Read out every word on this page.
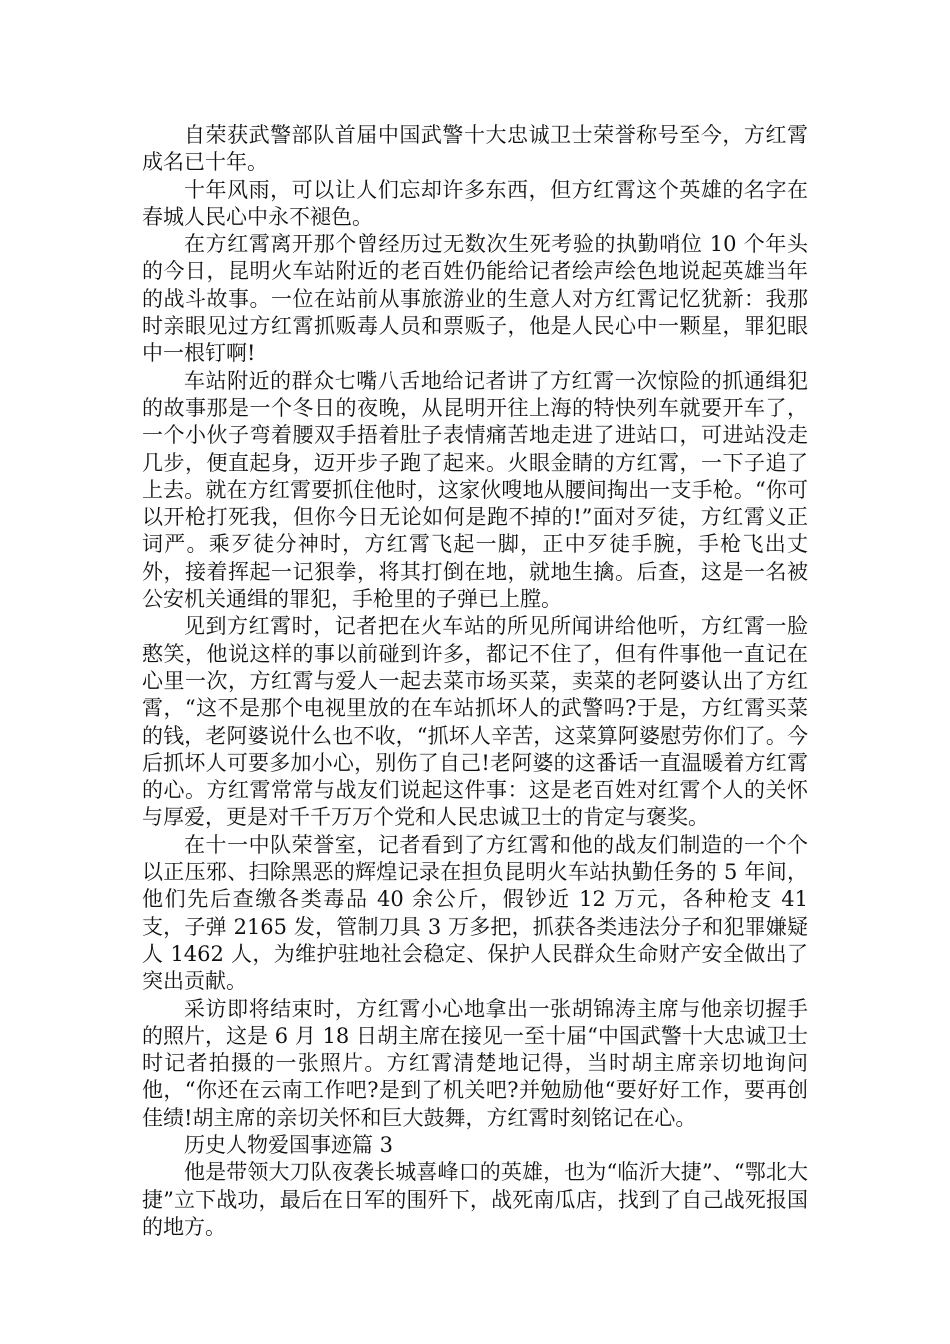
自荣获武警部队首届中国武警十大忠诚卫士荣誉称号至今，方红霄成名已十年。

十年风雨，可以让人们忘却许多东西，但方红霄这个英雄的名字在春城人民心中永不褪色。

在方红霄离开那个曾经历过无数次生死考验的执勤哨位 10 个年头的今日，昆明火车站附近的老百姓仍能给记者绘声绘色地说起英雄当年的战斗故事。一位在站前从事旅游业的生意人对方红霄记忆犹新：我那时亲眼见过方红霄抓贩毒人员和票贩子，他是人民心中一颗星，罪犯眼中一根钉啊!

车站附近的群众七嘴八舌地给记者讲了方红霄一次惊险的抓通缉犯的故事那是一个冬日的夜晚，从昆明开往上海的特快列车就要开车了，一个小伙子弯着腰双手捂着肚子表情痛苦地走进了进站口，可进站没走几步，便直起身，迈开步子跑了起来。火眼金睛的方红霄，一下子追了上去。就在方红霄要抓住他时，这家伙嗖地从腰间掏出一支手枪。“你可以开枪打死我，但你今日无论如何是跑不掉的!”面对歹徒，方红霄义正词严。乘歹徒分神时，方红霄飞起一脚，正中歹徒手腕，手枪飞出丈外，接着挥起一记狠拳，将其打倒在地，就地生擒。后查，这是一名被公安机关通缉的罪犯，手枪里的子弹已上膛。

见到方红霄时，记者把在火车站的所见所闻讲给他听，方红霄一脸憨笑，他说这样的事以前碰到许多，都记不住了，但有件事他一直记在心里一次，方红霄与爱人一起去菜市场买菜，卖菜的老阿婆认出了方红霄，“这不是那个电视里放的在车站抓坏人的武警吗?于是，方红霄买菜的钱，老阿婆说什么也不收，“抓坏人辛苦，这菜算阿婆慰劳你们了。今后抓坏人可要多加小心，别伤了自己!老阿婆的这番话一直温暖着方红霄的心。方红霄常常与战友们说起这件事：这是老百姓对红霄个人的关怀与厚爱，更是对千千万万个党和人民忠诚卫士的肯定与褒奖。

在十一中队荣誉室，记者看到了方红霄和他的战友们制造的一个个以正压邪、扫除黑恶的辉煌记录在担负昆明火车站执勤任务的 5 年间，他们先后查缴各类毒品 40 余公斤，假钞近 12 万元，各种枪支 41 支，子弹 2165 发，管制刀具 3 万多把，抓获各类违法分子和犯罪嫌疑人 1462 人，为维护驻地社会稳定、保护人民群众生命财产安全做出了突出贡献。

采访即将结束时，方红霄小心地拿出一张胡锦涛主席与他亲切握手的照片，这是 6 月 18 日胡主席在接见一至十届“中国武警十大忠诚卫士时记者拍摄的一张照片。方红霄清楚地记得，当时胡主席亲切地询问他，“你还在云南工作吧?是到了机关吧?并勉励他“要好好工作，要再创佳绩!胡主席的亲切关怀和巨大鼓舞，方红霄时刻铭记在心。

历史人物爱国事迹篇 3

他是带领大刀队夜袭长城喜峰口的英雄，也为“临沂大捷”、“鄂北大捷”立下战功，最后在日军的围歼下，战死南瓜店，找到了自己战死报国的地方。
